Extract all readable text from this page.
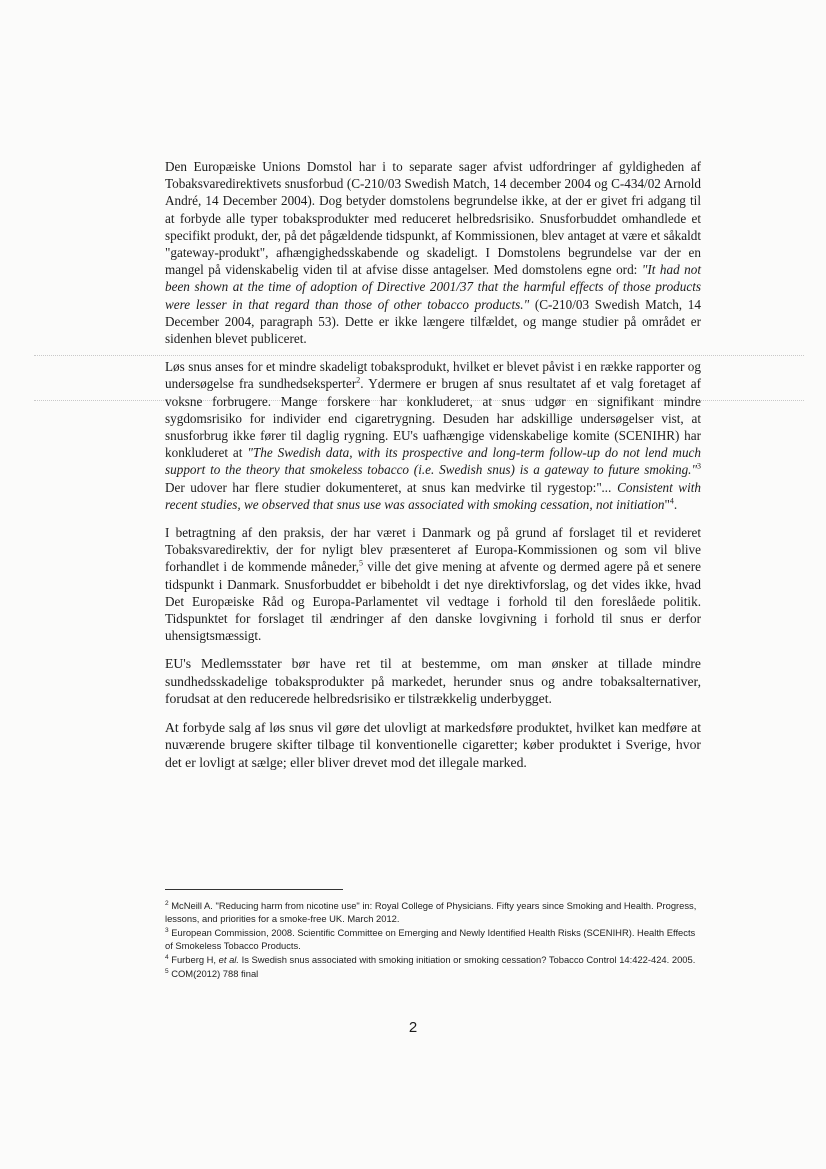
Den Europæiske Unions Domstol har i to separate sager afvist udfordringer af gyldigheden af Tobaksvaredirektivets snusforbud (C-210/03 Swedish Match, 14 december 2004 og C-434/02 Arnold André, 14 December 2004). Dog betyder domstolens begrundelse ikke, at der er givet fri adgang til at forbyde alle typer tobaksprodukter med reduceret helbredsrisiko. Snusforbuddet omhandlede et specifikt produkt, der, på det pågældende tidspunkt, af Kommissionen, blev antaget at være et såkaldt "gateway-produkt", afhængighedsskabende og skadeligt. I Domstolens begrundelse var der en mangel på videnskabelig viden til at afvise disse antagelser. Med domstolens egne ord: "It had not been shown at the time of adoption of Directive 2001/37 that the harmful effects of those products were lesser in that regard than those of other tobacco products." (C-210/03 Swedish Match, 14 December 2004, paragraph 53). Dette er ikke længere tilfældet, og mange studier på området er sidenhen blevet publiceret.

Løs snus anses for et mindre skadeligt tobaksprodukt, hvilket er blevet påvist i en række rapporter og undersøgelse fra sundhedseksperter$^2$. Ydermere er brugen af snus resultatet af et valg foretaget af voksne forbrugere. Mange forskere har konkluderet, at snus udgør en signifikant mindre sygdomsrisiko for individer end cigaretrygning. Desuden har adskillige undersøgelser vist, at snusforbrug ikke fører til daglig rygning. EU's uafhængige videnskabelige komite (SCENIHR) har konkluderet at "The Swedish data, with its prospective and long-term follow-up do not lend much support to the theory that smokeless tobacco (i.e. Swedish snus) is a gateway to future smoking."$^3$ Der udover har flere studier dokumenteret, at snus kan medvirke til rygestop:"... Consistent with recent studies, we observed that snus use was associated with smoking cessation, not initiation"$^4$.

I betragtning af den praksis, der har været i Danmark og på grund af forslaget til et revideret Tobaksvaredirektiv, der for nyligt blev præsenteret af Europa-Kommissionen og som vil blive forhandlet i de kommende måneder,$^5$ ville det give mening at afvente og dermed agere på et senere tidspunkt i Danmark. Snusforbuddet er bibeholdt i det nye direktivforslag, og det vides ikke, hvad Det Europæiske Råd og Europa-Parlamentet vil vedtage i forhold til den foreslåede politik. Tidspunktet for forslaget til ændringer af den danske lovgivning i forhold til snus er derfor uhensigtsmæssigt.

EU's Medlemsstater bør have ret til at bestemme, om man ønsker at tillade mindre sundhedsskadelige tobaksprodukter på markedet, herunder snus og andre tobaksalternativer, forudsat at den reducerede helbredsrisiko er tilstrækkelig underbygget.

At forbyde salg af løs snus vil gøre det ulovligt at markedsføre produktet, hvilket kan medføre at nuværende brugere skifter tilbage til konventionelle cigaretter; køber produktet i Sverige, hvor det er lovligt at sælge; eller bliver drevet mod det illegale marked.

$^2$ McNeill A. "Reducing harm from nicotine use" in: Royal College of Physicians. Fifty years since Smoking and Health. Progress, lessons, and priorities for a smoke-free UK. March 2012.
$^3$ European Commission, 2008. Scientific Committee on Emerging and Newly Identified Health Risks (SCENIHR). Health Effects of Smokeless Tobacco Products.
$^4$ Furberg H, et al. Is Swedish snus associated with smoking initiation or smoking cessation? Tobacco Control 14:422-424. 2005.
$^5$ COM(2012) 788 final
2
